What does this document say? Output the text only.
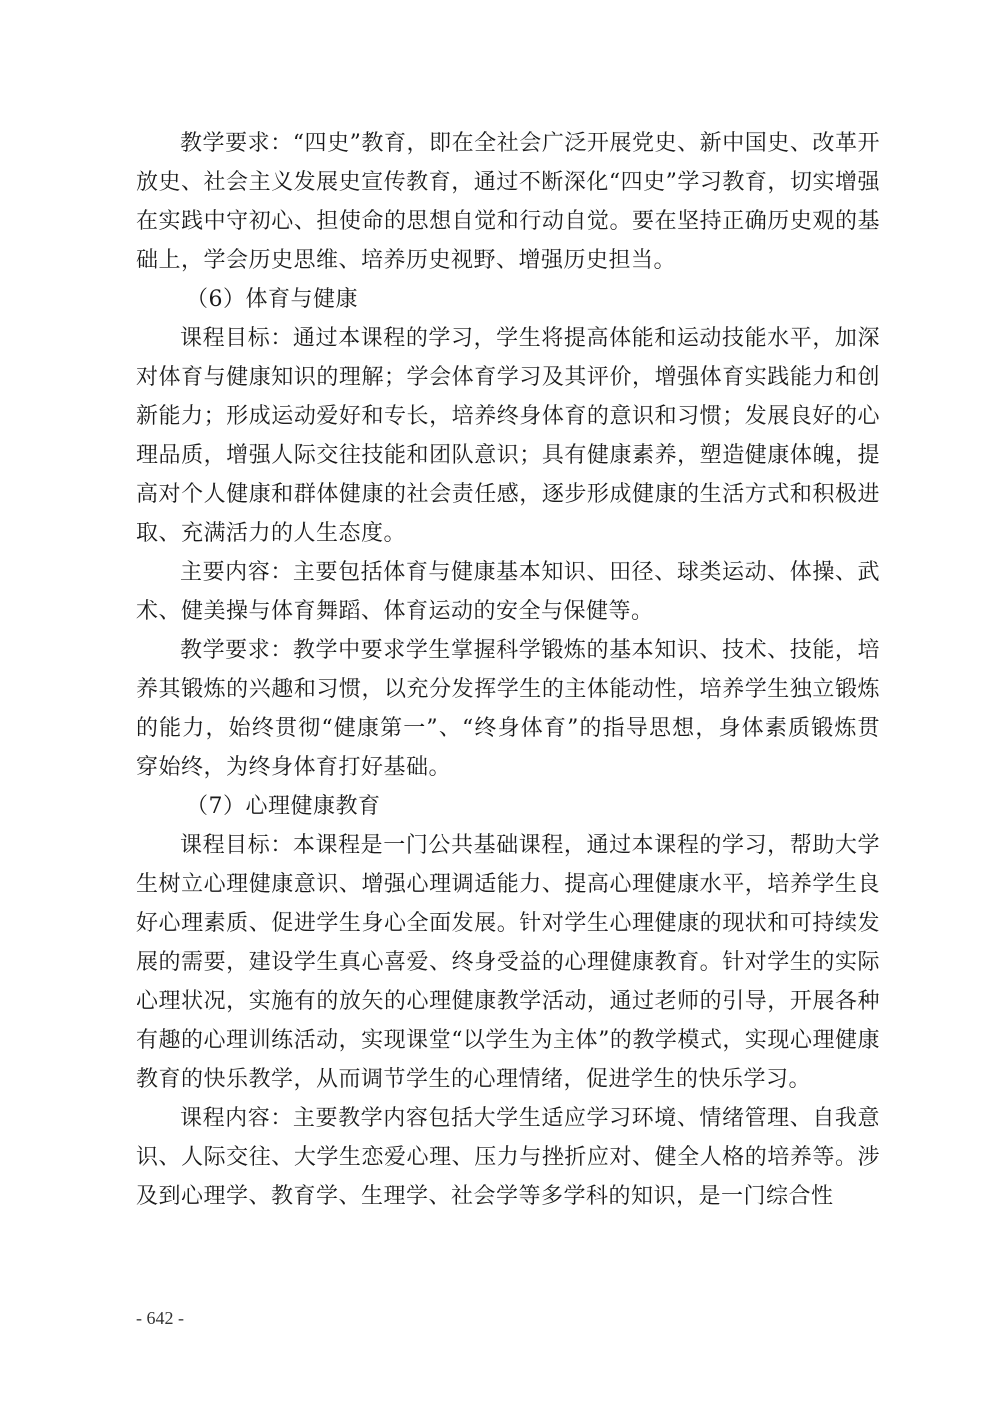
教学要求：“四史”教育，即在全社会广泛开展党史、新中国史、改革开放史、社会主义发展史宣传教育，通过不断深化“四史”学习教育，切实增强在实践中守初心、担使命的思想自觉和行动自觉。要在坚持正确历史观的基础上，学会历史思维、培养历史视野、增强历史担当。

（6）体育与健康

课程目标：通过本课程的学习，学生将提高体能和运动技能水平，加深对体育与健康知识的理解；学会体育学习及其评价，增强体育实践能力和创新能力；形成运动爱好和专长，培养终身体育的意识和习惯；发展良好的心理品质，增强人际交往技能和团队意识；具有健康素养，塑造健康体魄，提高对个人健康和群体健康的社会责任感，逐步形成健康的生活方式和积极进取、充满活力的人生态度。

主要内容：主要包括体育与健康基本知识、田径、球类运动、体操、武术、健美操与体育舞蹈、体育运动的安全与保健等。

教学要求：教学中要求学生掌握科学锻炼的基本知识、技术、技能，培养其锻炼的兴趣和习惯，以充分发挥学生的主体能动性，培养学生独立锻炼的能力，始终贯彻“健康第一”、“终身体育”的指导思想，身体素质锻炼贯穿始终，为终身体育打好基础。

（7）心理健康教育

课程目标：本课程是一门公共基础课程，通过本课程的学习，帮助大学生树立心理健康意识、增强心理调适能力、提高心理健康水平，培养学生良好心理素质、促进学生身心全面发展。针对学生心理健康的现状和可持续发展的需要，建设学生真心喜爱、终身受益的心理健康教育。针对学生的实际心理状况，实施有的放矢的心理健康教学活动，通过老师的引导，开展各种有趣的心理训练活动，实现课堂“以学生为主体”的教学模式，实现心理健康教育的快乐教学，从而调节学生的心理情绪，促进学生的快乐学习。

课程内容：主要教学内容包括大学生适应学习环境、情绪管理、自我意识、人际交往、大学生恋爱心理、压力与挫折应对、健全人格的培养等。涉及到心理学、教育学、生理学、社会学等多学科的知识，是一门综合性

- 642 -
